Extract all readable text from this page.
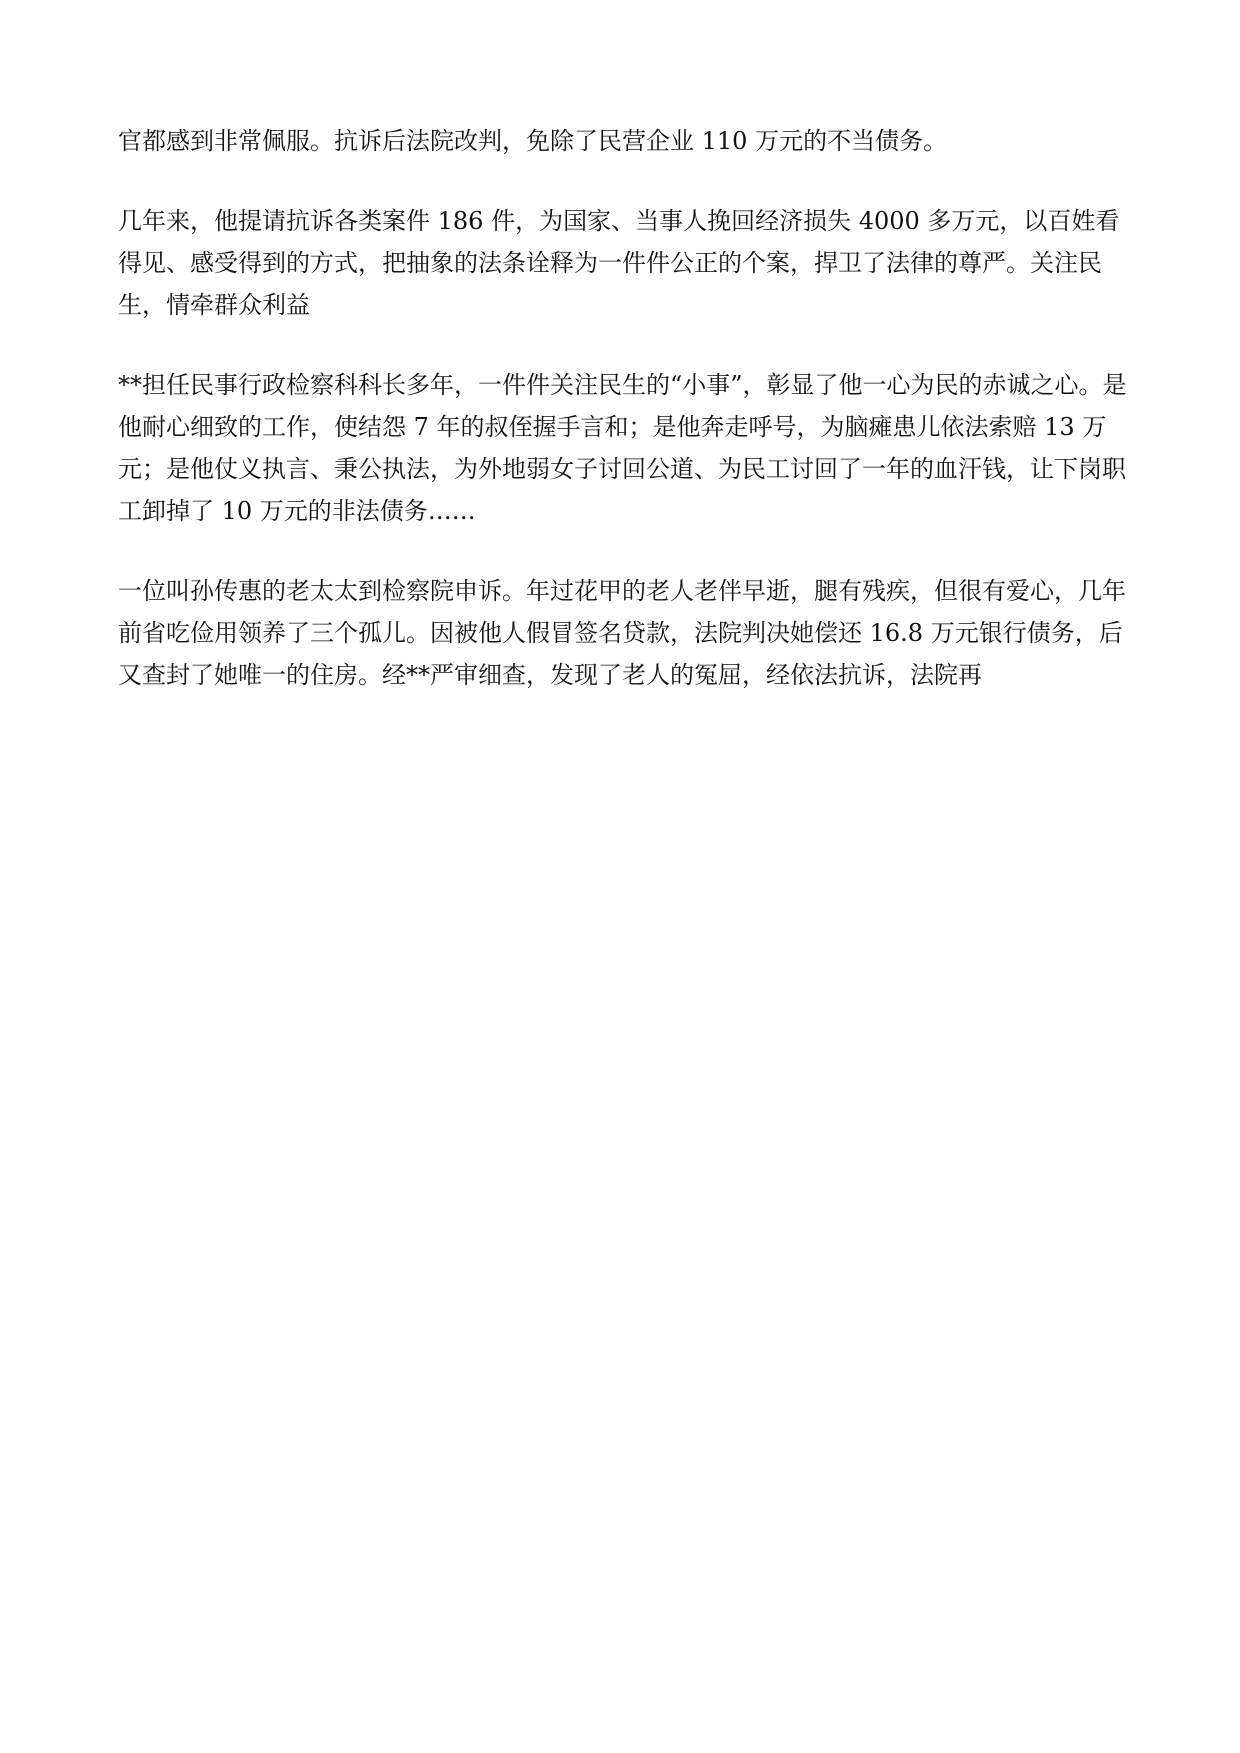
官都感到非常佩服。抗诉后法院改判，免除了民营企业 110 万元的不当债务。

几年来，他提请抗诉各类案件 186 件，为国家、当事人挽回经济损失 4000 多万元，以百姓看得见、感受得到的方式，把抽象的法条诠释为一件件公正的个案，捍卫了法律的尊严。关注民生，情牵群众利益

**担任民事行政检察科科长多年，一件件关注民生的“小事”，彰显了他一心为民的赤诚之心。是他耐心细致的工作，使结怨 7 年的叔侄握手言和；是他奔走呼号，为脑瘫患儿依法索赔 13 万元；是他仗义执言、秉公执法，为外地弱女子讨回公道、为民工讨回了一年的血汗钱，让下岗职工卸掉了 10 万元的非法债务……

一位叫孙传惠的老太太到检察院申诉。年过花甲的老人老伴早逝，腿有残疾，但很有爱心，几年前省吃俭用领养了三个孤儿。因被他人假冒签名贷款，法院判决她偿还 16.8 万元银行债务，后又查封了她唯一的住房。经**严审细查，发现了老人的冤屈，经依法抗诉，法院再
